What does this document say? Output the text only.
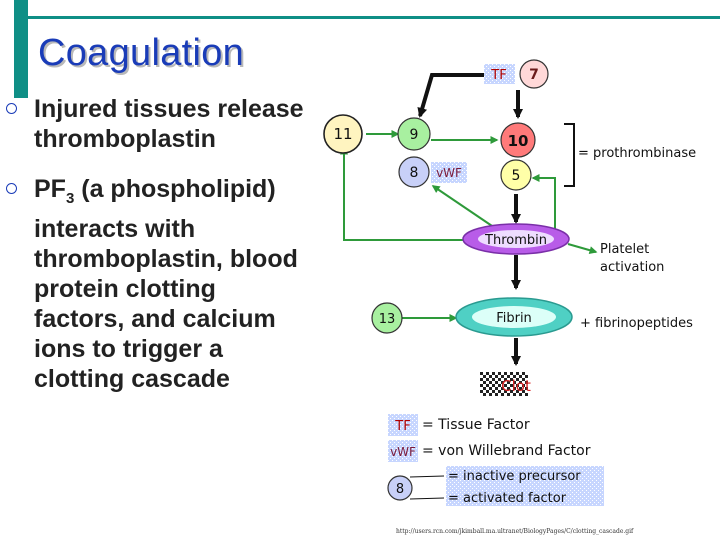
Coagulation
Injured tissues release thromboplastin
$PF_3$ (a phospholipid) interacts with thromboplastin, blood protein clotting factors, and calcium ions to trigger a clotting cascade
TF 7
11	9
8 vWF
10
5
= prothrombinase
Thrombin
Platelet
activation
13	Fibrin	+ fibrinopeptides
Clot
TF = Tissue Factor
vWF = von Willebrand Factor
8
= inactive precursor
= activated factor
http://users.rcn.com/jkimball.ma.ultranet/BiologyPages/C/clotting_cascade.gif
